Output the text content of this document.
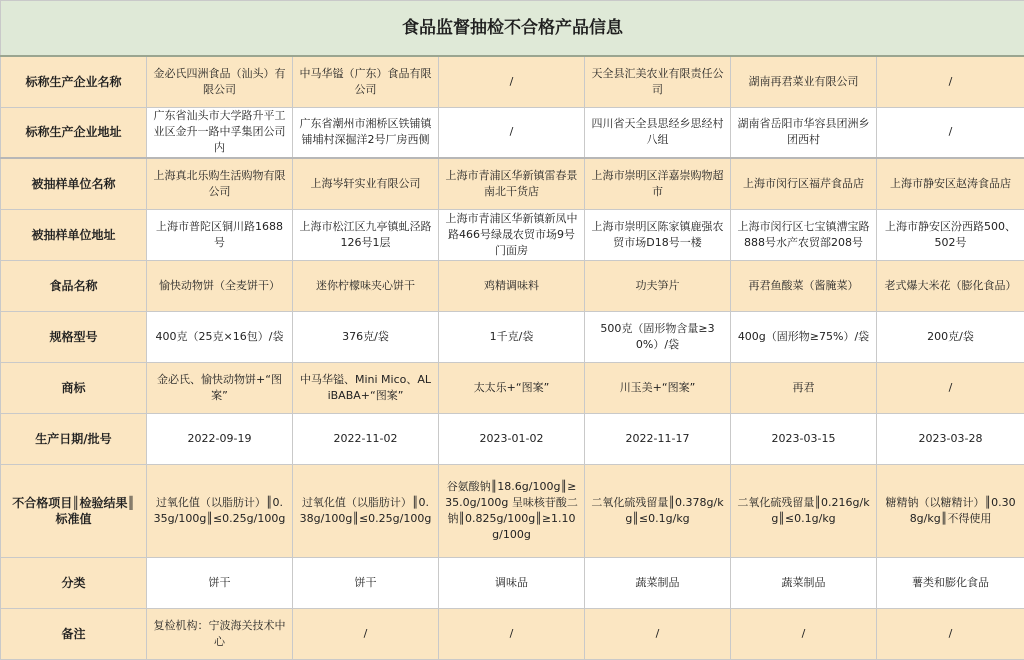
食品监督抽检不合格产品信息						
标称生产企业名称	金必氏四洲食品（汕头）有限公司	中马华镒（广东）食品有限公司	/	天全县汇美农业有限责任公司	湖南再君菜业有限公司	/
标称生产企业地址	广东省汕头市大学路升平工业区金升一路中孚集团公司内	广东省潮州市湘桥区铁铺镇铺埔村深掘洋2号厂房西侧	/	四川省天全县思经乡思经村八组	湖南省岳阳市华容县团洲乡团西村	/
被抽样单位名称	上海真北乐购生活购物有限公司	上海岑轩实业有限公司	上海市青浦区华新镇雷春景南北干货店	上海市崇明区洋嘉崇购物超市	上海市闵行区福芹食品店	上海市静安区赵涛食品店
被抽样单位地址	上海市普陀区铜川路1688号	上海市松江区九亭镇虬泾路126号1层	上海市青浦区华新镇新凤中路466号绿晟农贸市场9号门面房	上海市崇明区陈家镇鹿强农贸市场D18号一楼	上海市闵行区七宝镇漕宝路888号水产农贸部208号	上海市静安区汾西路500、502号
食品名称	愉快动物饼（全麦饼干）	迷你柠檬味夹心饼干	鸡精调味料	功夫笋片	再君鱼酸菜（酱腌菜）	老式爆大米花（膨化食品）
规格型号	400克（25克×16包）/袋	376克/袋	1千克/袋	500克（固形物含量≥30%）/袋	400g（固形物≥75%）/袋	200克/袋
商标	金必氏、愉快动物饼+“图案”	中马华镒、Mini Mico、ALiBABA+“图案”	太太乐+“图案”	川玉美+“图案”	再君	/
生产日期/批号	2022-09-19	2022-11-02	2023-01-02	2022-11-17	2023-03-15	2023-03-28
不合格项目║检验结果║标准值	过氧化值（以脂肪计）║0.35g/100g║≤0.25g/100g	过氧化值（以脂肪计）║0.38g/100g║≤0.25g/100g	谷氨酸钠║18.6g/100g║≥35.0g/100g 呈味核苷酸二钠║0.825g/100g║≥1.10g/100g	二氧化硫残留量║0.378g/kg║≤0.1g/kg	二氧化硫残留量║0.216g/kg║≤0.1g/kg	糖精钠（以糖精计）║0.308g/kg║不得使用
分类	饼干	饼干	调味品	蔬菜制品	蔬菜制品	薯类和膨化食品
备注	复检机构：宁波海关技术中心	/	/	/	/	/
